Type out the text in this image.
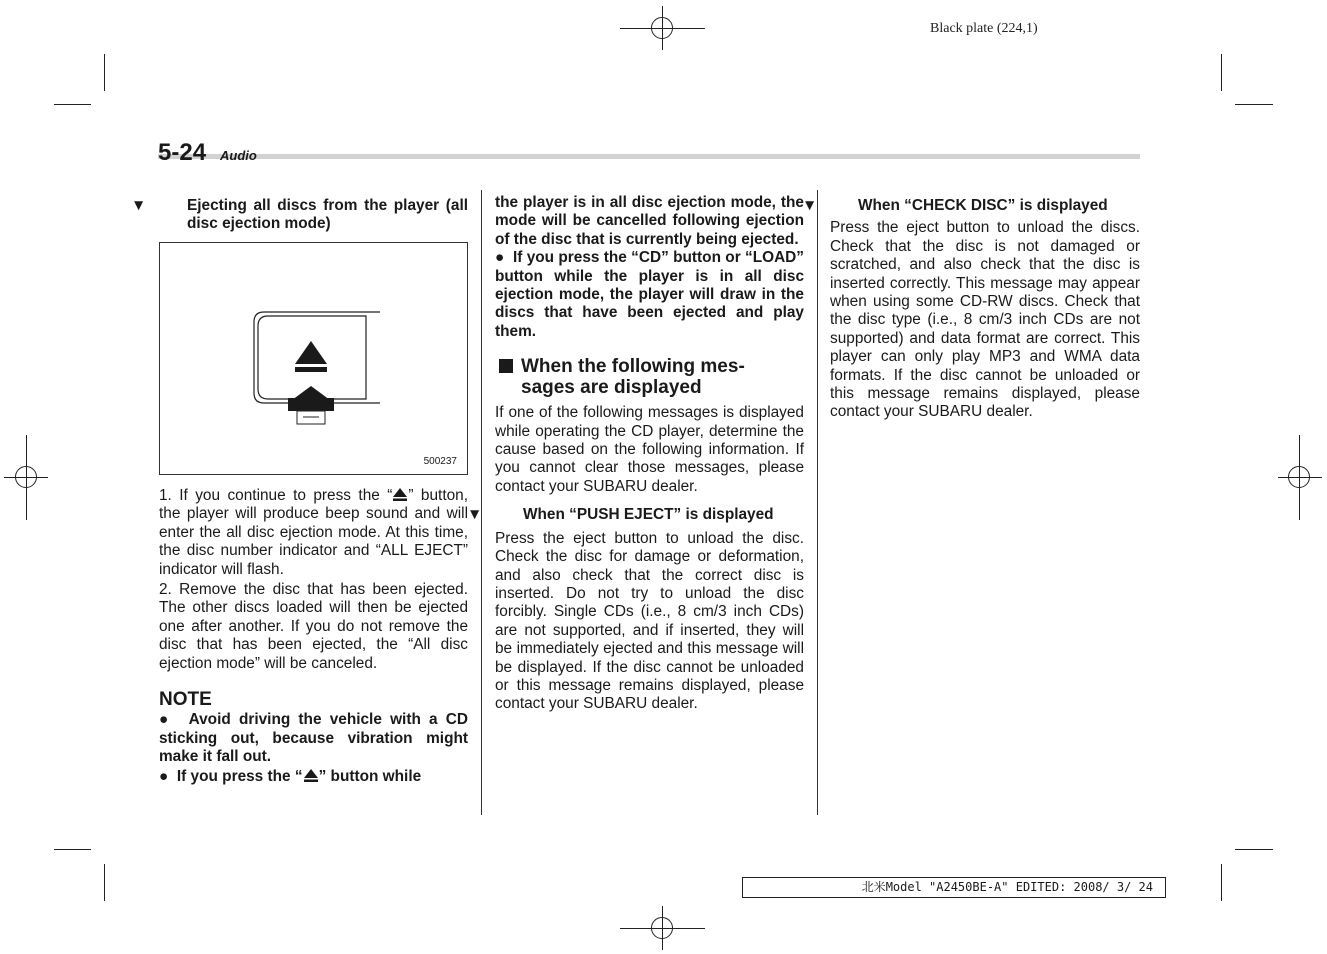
Black plate (224,1)
5-24 Audio

▼	Ejecting all discs from the player (all disc ejection mode)

500237

1. If you continue to press the “ ” button, the player will produce beep sound and will enter the all disc ejection mode. At this time, the disc number indicator and “ALL EJECT” indicator will flash.

2. Remove the disc that has been ejected. The other discs loaded will then be ejected one after another. If you do not remove the disc that has been ejected, the “All disc ejection mode” will be canceled.

NOTE

●  Avoid driving the vehicle with a CD sticking out, because vibration might make it fall out.

●  If you press the “ ” button while

the player is in all disc ejection mode, the mode will be cancelled following ejection of the disc that is currently being ejected.

●  If you press the “CD” button or “LOAD” button while the player is in all disc ejection mode, the player will draw in the discs that have been ejected and play them.

When the following mes-
sages are displayed

If one of the following messages is displayed while operating the CD player, determine the cause based on the following information. If you cannot clear those messages, please contact your SUBARU dealer.

▼	When “PUSH EJECT” is displayed

Press the eject button to unload the disc. Check the disc for damage or deformation, and also check that the correct disc is inserted. Do not try to unload the disc forcibly. Single CDs (i.e., 8 cm/3 inch CDs) are not supported, and if inserted, they will be immediately ejected and this message will be displayed. If the disc cannot be unloaded or this message remains displayed, please contact your SUBARU dealer.

▼	When “CHECK DISC” is displayed

Press the eject button to unload the discs. Check that the disc is not damaged or scratched, and also check that the disc is inserted correctly. This message may appear when using some CD-RW discs. Check that the disc type (i.e., 8 cm/3 inch CDs are not supported) and data format are correct. This player can only play MP3 and WMA data formats. If the disc cannot be unloaded or this message remains displayed, please contact your SUBARU dealer.

北米Model "A2450BE-A" EDITED: 2008/ 3/ 24
